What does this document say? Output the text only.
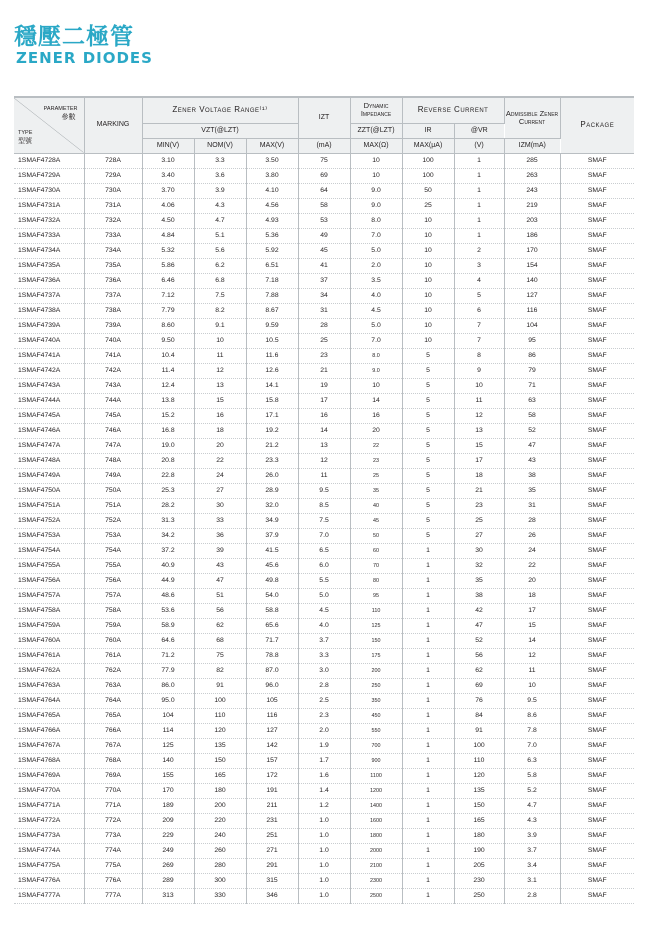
穩壓二極管
ZENER DIODES
PARAMETER
參數
TYPE
型號	MARKING	Zener Voltage Range⁽¹⁾			IZT	Dynamic Impedance	Reverse Current		Admissible Zener Current	Package
		VZT(@LZT)				ZZT(@LZT)	IR	@VR		
		MIN(V)	NOM(V)	MAX(V)	(mA)	MAX(Ω)	MAX(μA)	(V)	IZM(mA)	
1SMAF4728A	728A	3.10	3.3	3.50	75	10	100	1	285	SMAF
1SMAF4729A	729A	3.40	3.6	3.80	69	10	100	1	263	SMAF
1SMAF4730A	730A	3.70	3.9	4.10	64	9.0	50	1	243	SMAF
1SMAF4731A	731A	4.06	4.3	4.56	58	9.0	25	1	219	SMAF
1SMAF4732A	732A	4.50	4.7	4.93	53	8.0	10	1	203	SMAF
1SMAF4733A	733A	4.84	5.1	5.36	49	7.0	10	1	186	SMAF
1SMAF4734A	734A	5.32	5.6	5.92	45	5.0	10	2	170	SMAF
1SMAF4735A	735A	5.86	6.2	6.51	41	2.0	10	3	154	SMAF
1SMAF4736A	736A	6.46	6.8	7.18	37	3.5	10	4	140	SMAF
1SMAF4737A	737A	7.12	7.5	7.88	34	4.0	10	5	127	SMAF
1SMAF4738A	738A	7.79	8.2	8.67	31	4.5	10	6	116	SMAF
1SMAF4739A	739A	8.60	9.1	9.59	28	5.0	10	7	104	SMAF
1SMAF4740A	740A	9.50	10	10.5	25	7.0	10	7	95	SMAF
1SMAF4741A	741A	10.4	11	11.6	23	8.0	5	8	86	SMAF
1SMAF4742A	742A	11.4	12	12.6	21	9.0	5	9	79	SMAF
1SMAF4743A	743A	12.4	13	14.1	19	10	5	10	71	SMAF
1SMAF4744A	744A	13.8	15	15.8	17	14	5	11	63	SMAF
1SMAF4745A	745A	15.2	16	17.1	16	16	5	12	58	SMAF
1SMAF4746A	746A	16.8	18	19.2	14	20	5	13	52	SMAF
1SMAF4747A	747A	19.0	20	21.2	13	22	5	15	47	SMAF
1SMAF4748A	748A	20.8	22	23.3	12	23	5	17	43	SMAF
1SMAF4749A	749A	22.8	24	26.0	11	25	5	18	38	SMAF
1SMAF4750A	750A	25.3	27	28.9	9.5	35	5	21	35	SMAF
1SMAF4751A	751A	28.2	30	32.0	8.5	40	5	23	31	SMAF
1SMAF4752A	752A	31.3	33	34.9	7.5	45	5	25	28	SMAF
1SMAF4753A	753A	34.2	36	37.9	7.0	50	5	27	26	SMAF
1SMAF4754A	754A	37.2	39	41.5	6.5	60	1	30	24	SMAF
1SMAF4755A	755A	40.9	43	45.6	6.0	70	1	32	22	SMAF
1SMAF4756A	756A	44.9	47	49.8	5.5	80	1	35	20	SMAF
1SMAF4757A	757A	48.6	51	54.0	5.0	95	1	38	18	SMAF
1SMAF4758A	758A	53.6	56	58.8	4.5	110	1	42	17	SMAF
1SMAF4759A	759A	58.9	62	65.6	4.0	125	1	47	15	SMAF
1SMAF4760A	760A	64.6	68	71.7	3.7	150	1	52	14	SMAF
1SMAF4761A	761A	71.2	75	78.8	3.3	175	1	56	12	SMAF
1SMAF4762A	762A	77.9	82	87.0	3.0	200	1	62	11	SMAF
1SMAF4763A	763A	86.0	91	96.0	2.8	250	1	69	10	SMAF
1SMAF4764A	764A	95.0	100	105	2.5	350	1	76	9.5	SMAF
1SMAF4765A	765A	104	110	116	2.3	450	1	84	8.6	SMAF
1SMAF4766A	766A	114	120	127	2.0	550	1	91	7.8	SMAF
1SMAF4767A	767A	125	135	142	1.9	700	1	100	7.0	SMAF
1SMAF4768A	768A	140	150	157	1.7	900	1	110	6.3	SMAF
1SMAF4769A	769A	155	165	172	1.6	1100	1	120	5.8	SMAF
1SMAF4770A	770A	170	180	191	1.4	1200	1	135	5.2	SMAF
1SMAF4771A	771A	189	200	211	1.2	1400	1	150	4.7	SMAF
1SMAF4772A	772A	209	220	231	1.0	1600	1	165	4.3	SMAF
1SMAF4773A	773A	229	240	251	1.0	1800	1	180	3.9	SMAF
1SMAF4774A	774A	249	260	271	1.0	2000	1	190	3.7	SMAF
1SMAF4775A	775A	269	280	291	1.0	2100	1	205	3.4	SMAF
1SMAF4776A	776A	289	300	315	1.0	2300	1	230	3.1	SMAF
1SMAF4777A	777A	313	330	346	1.0	2500	1	250	2.8	SMAF
